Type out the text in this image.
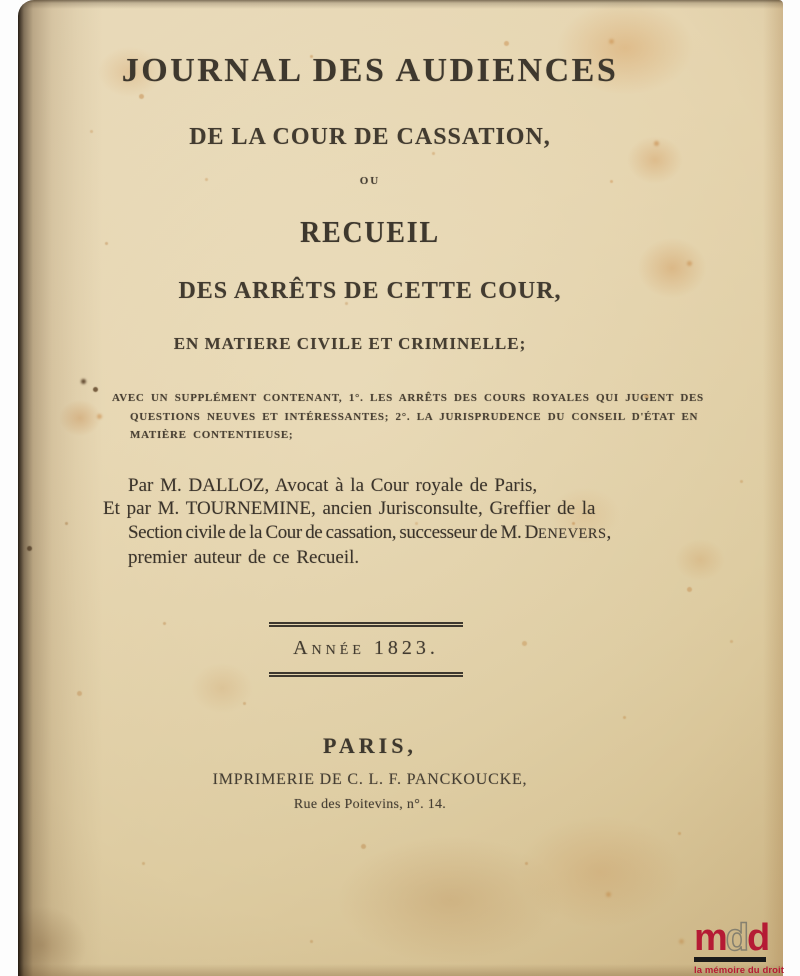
JOURNAL DES AUDIENCES
DE LA COUR DE CASSATION,
OU
RECUEIL
DES ARRÊTS DE CETTE COUR,
EN MATIERE CIVILE ET CRIMINELLE;
AVEC UN SUPPLÉMENT CONTENANT, 1°. LES ARRÊTS DES COURS ROYALES QUI JUGENT DES
QUESTIONS NEUVES ET INTÉRESSANTES; 2°. LA JURISPRUDENCE DU CONSEIL D'ÉTAT EN
MATIÈRE CONTENTIEUSE;
Par M. DALLOZ, Avocat à la Cour royale de Paris,
Et par M. TOURNEMINE, ancien Jurisconsulte, Greffier de la
Section civile de la Cour de cassation, successeur de M. DENEVERS,
premier auteur de ce Recueil.
Année 1823.
PARIS,
IMPRIMERIE DE C. L. F. PANCKOUCKE,
Rue des Poitevins, n°. 14.
mdd
la mémoire du droit
